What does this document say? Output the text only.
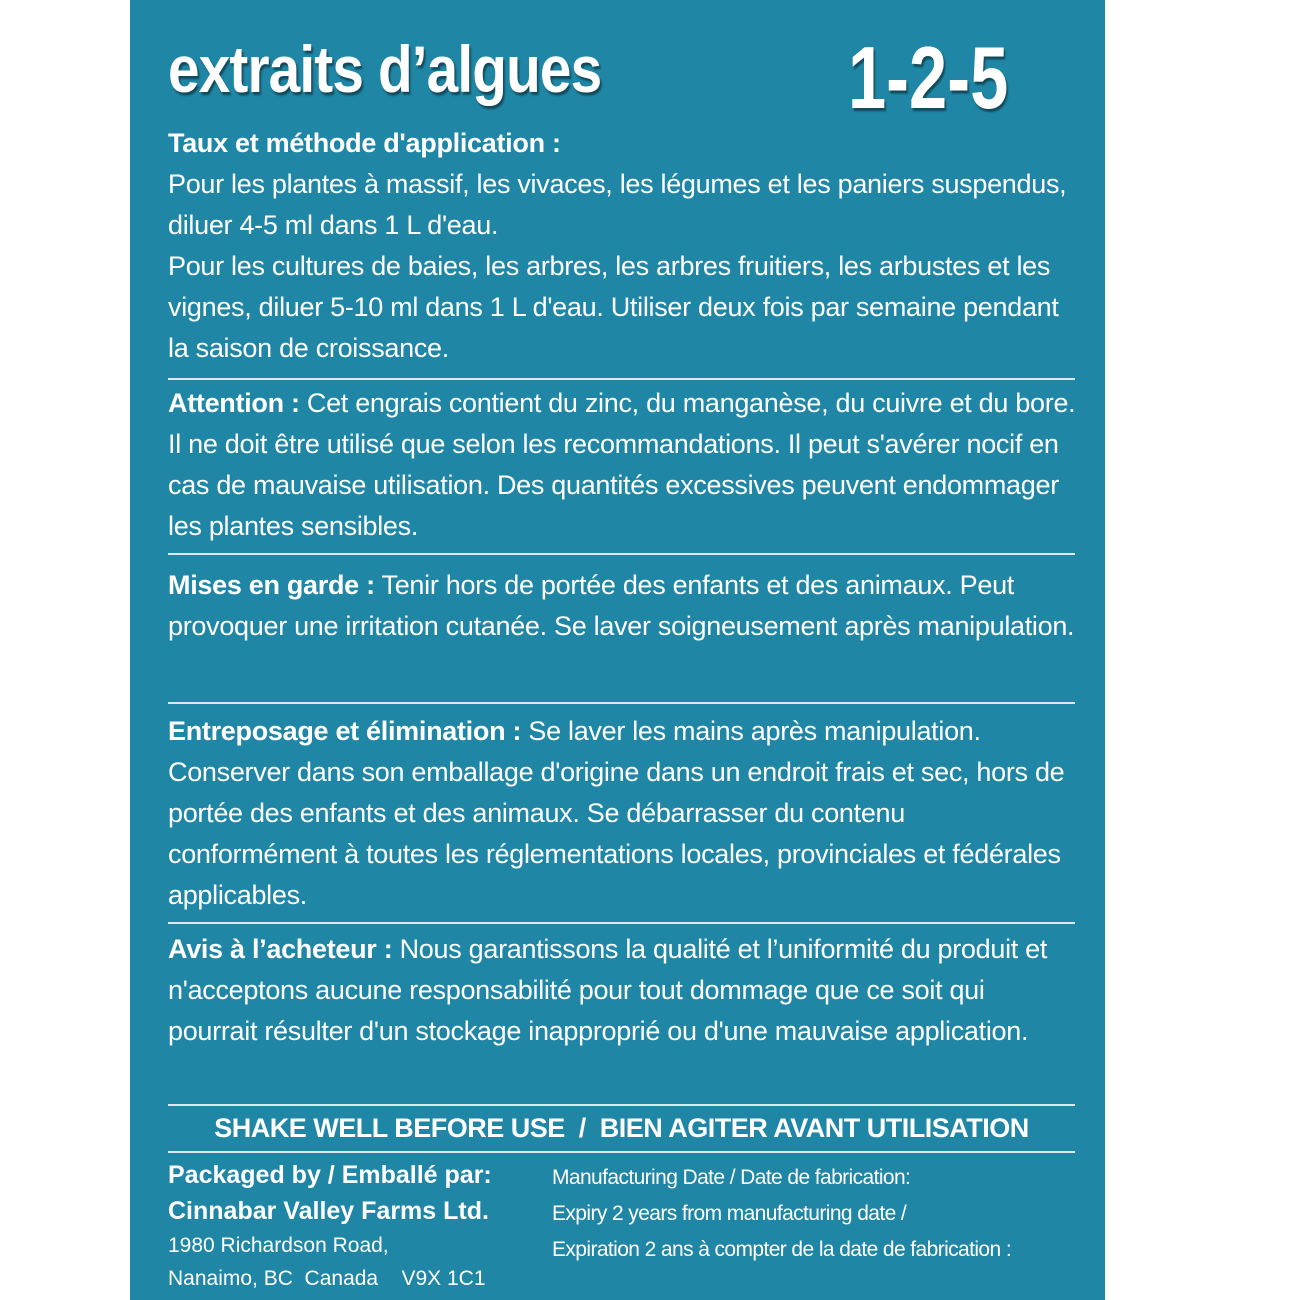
extraits d’algues	1-2-5
Taux et méthode d'application :
Pour les plantes à massif, les vivaces, les légumes et les paniers suspendus, diluer 4-5 ml dans 1 L d'eau.
Pour les cultures de baies, les arbres, les arbres fruitiers, les arbustes et les vignes, diluer 5-10 ml dans 1 L d'eau. Utiliser deux fois par semaine pendant la saison de croissance.
Attention : Cet engrais contient du zinc, du manganèse, du cuivre et du bore. Il ne doit être utilisé que selon les recommandations. Il peut s'avérer nocif en cas de mauvaise utilisation. Des quantités excessives peuvent endommager les plantes sensibles.
Mises en garde : Tenir hors de portée des enfants et des animaux. Peut provoquer une irritation cutanée. Se laver soigneusement après manipulation.
Entreposage et élimination : Se laver les mains après manipulation. Conserver dans son emballage d'origine dans un endroit frais et sec, hors de portée des enfants et des animaux. Se débarrasser du contenu conformément à toutes les réglementations locales, provinciales et fédérales applicables.
Avis à l’acheteur : Nous garantissons la qualité et l’uniformité du produit et n'acceptons aucune responsabilité pour tout dommage que ce soit qui pourrait résulter d'un stockage inapproprié ou d'une mauvaise application.
SHAKE WELL BEFORE USE  /  BIEN AGITER AVANT UTILISATION
Packaged by / Emballé par:
Cinnabar Valley Farms Ltd.
1980 Richardson Road,
Nanaimo, BC  Canada    V9X 1C1
Manufacturing Date / Date de fabrication:
Expiry 2 years from manufacturing date /
Expiration 2 ans à compter de la date de fabrication :
